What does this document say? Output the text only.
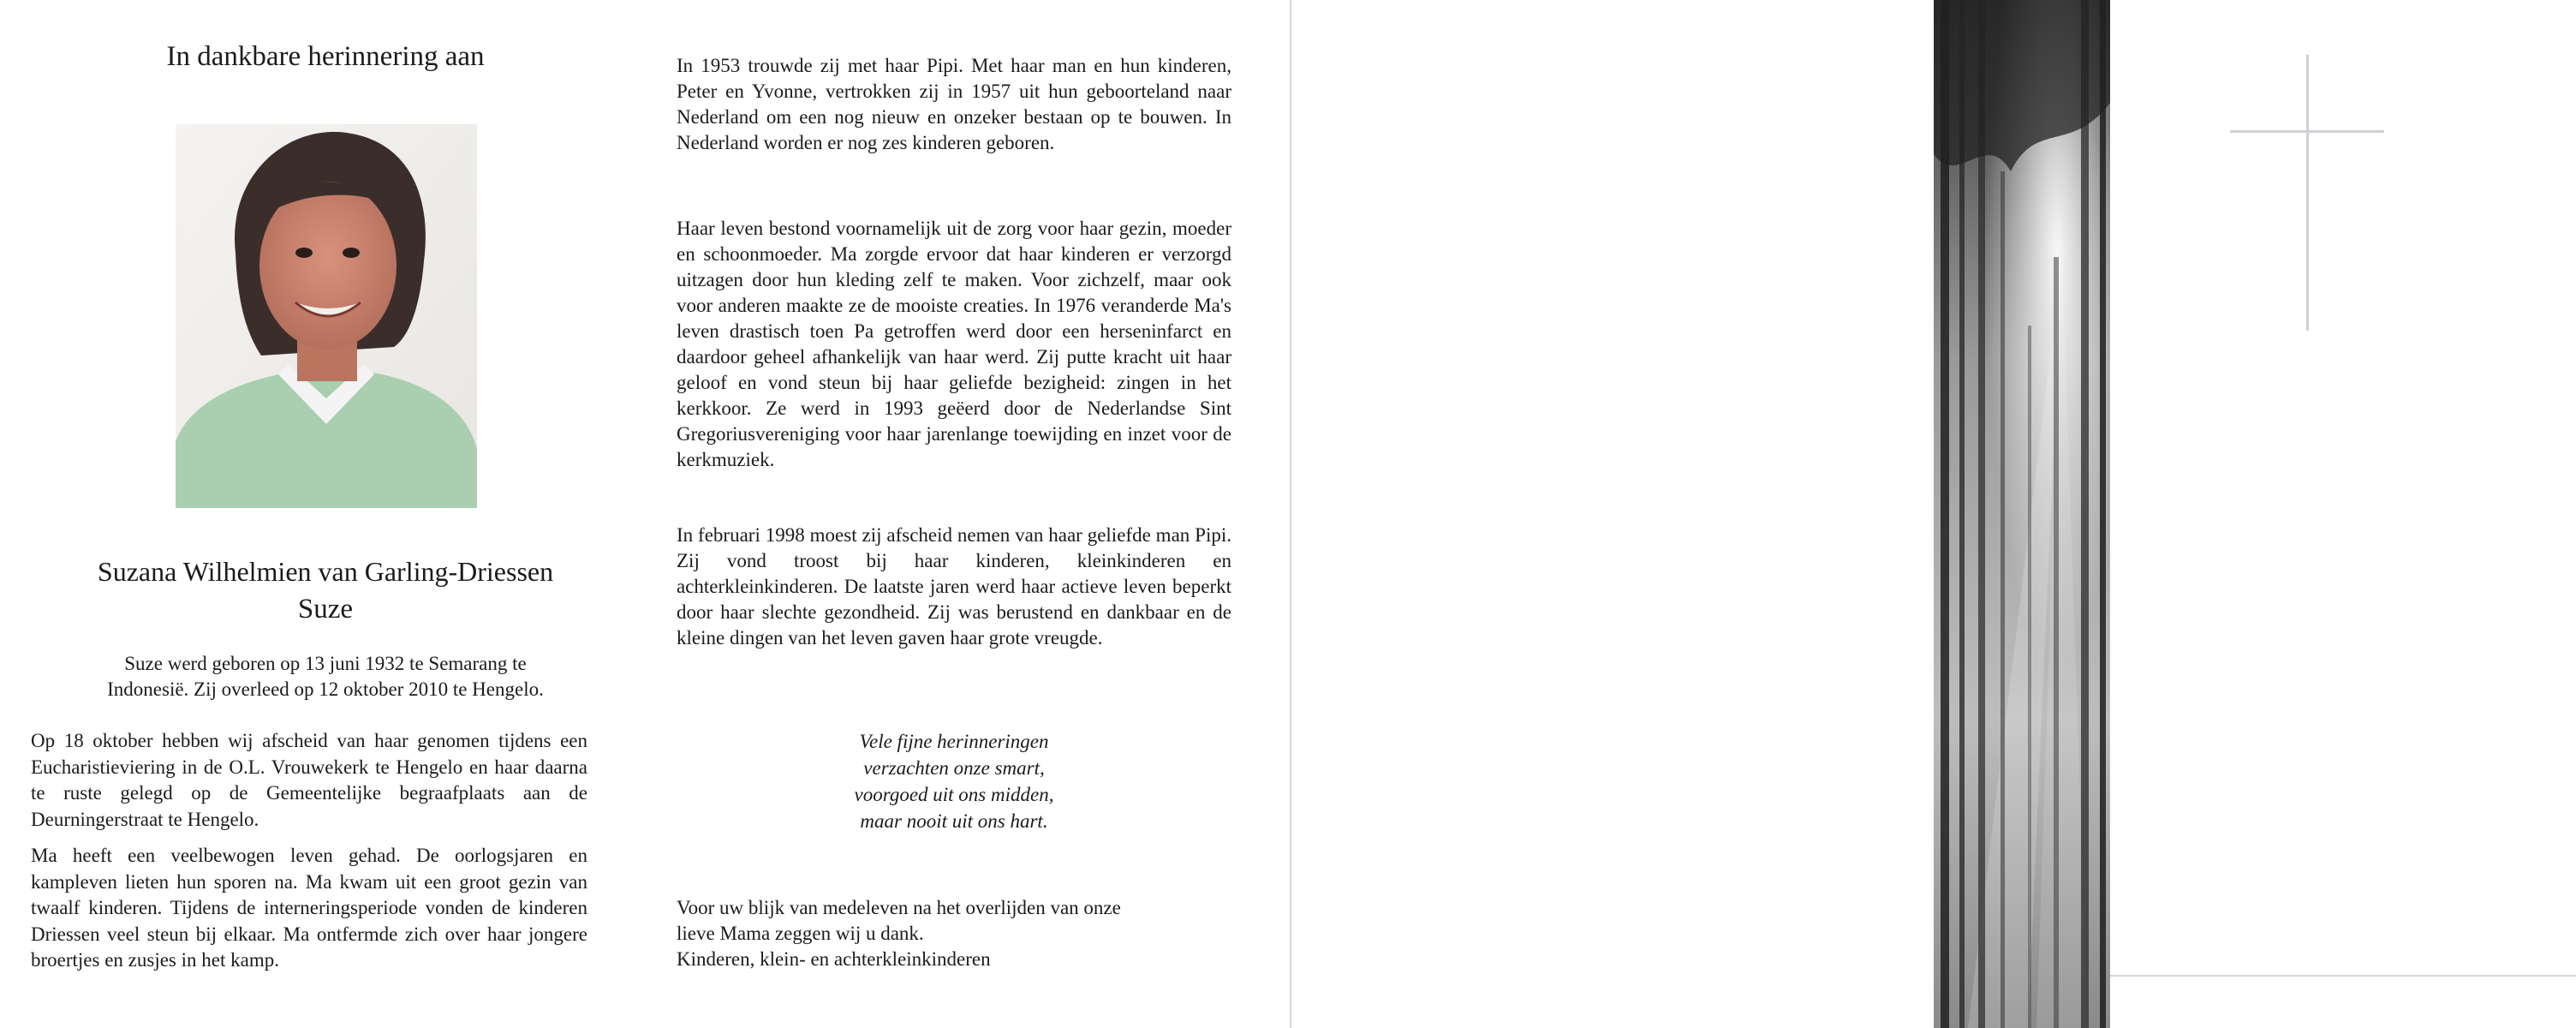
In dankbare herinnering aan
Suzana Wilhelmien van Garling-Driessen
Suze
Suze werd geboren op 13 juni 1932 te Semarang te
Indonesië. Zij overleed op 12 oktober 2010 te Hengelo.
Op 18 oktober hebben wij afscheid van haar genomen tijdens een Eucharistieviering in de O.L. Vrouwekerk te Hengelo en haar daarna te ruste gelegd op de Gemeentelijke begraafplaats aan de Deurningerstraat te Hengelo.
Ma heeft een veelbewogen leven gehad. De oorlogsjaren en kampleven lieten hun sporen na. Ma kwam uit een groot gezin van twaalf kinderen. Tijdens de interneringsperiode vonden de kinderen Driessen veel steun bij elkaar. Ma ontfermde zich over haar jongere broertjes en zusjes in het kamp.
In 1953 trouwde zij met haar Pipi. Met haar man en hun kinderen, Peter en Yvonne, vertrokken zij in 1957 uit hun geboorteland naar Nederland om een nog nieuw en onzeker bestaan op te bouwen. In Nederland worden er nog zes kinderen geboren.
Haar leven bestond voornamelijk uit de zorg voor haar gezin, moeder en schoonmoeder. Ma zorgde ervoor dat haar kinderen er verzorgd uitzagen door hun kleding zelf te maken. Voor zichzelf, maar ook voor anderen maakte ze de mooiste creaties. In 1976 veranderde Ma's leven drastisch toen Pa getroffen werd door een herseninfarct en daardoor geheel afhankelijk van haar werd. Zij putte kracht uit haar geloof en vond steun bij haar geliefde bezigheid: zingen in het kerkkoor. Ze werd in 1993 geëerd door de Nederlandse Sint Gregoriusvereniging voor haar jarenlange toewijding en inzet voor de kerkmuziek.
In februari 1998 moest zij afscheid nemen van haar geliefde man Pipi. Zij vond troost bij haar kinderen, kleinkinderen en achterkleinkinderen. De laatste jaren werd haar actieve leven beperkt door haar slechte gezondheid. Zij was berustend en dankbaar en de kleine dingen van het leven gaven haar grote vreugde.
Vele fijne herinneringen
verzachten onze smart,
voorgoed uit ons midden,
maar nooit uit ons hart.
Voor uw blijk van medeleven na het overlijden van onze
lieve Mama zeggen wij u dank.
Kinderen, klein- en achterkleinkinderen
